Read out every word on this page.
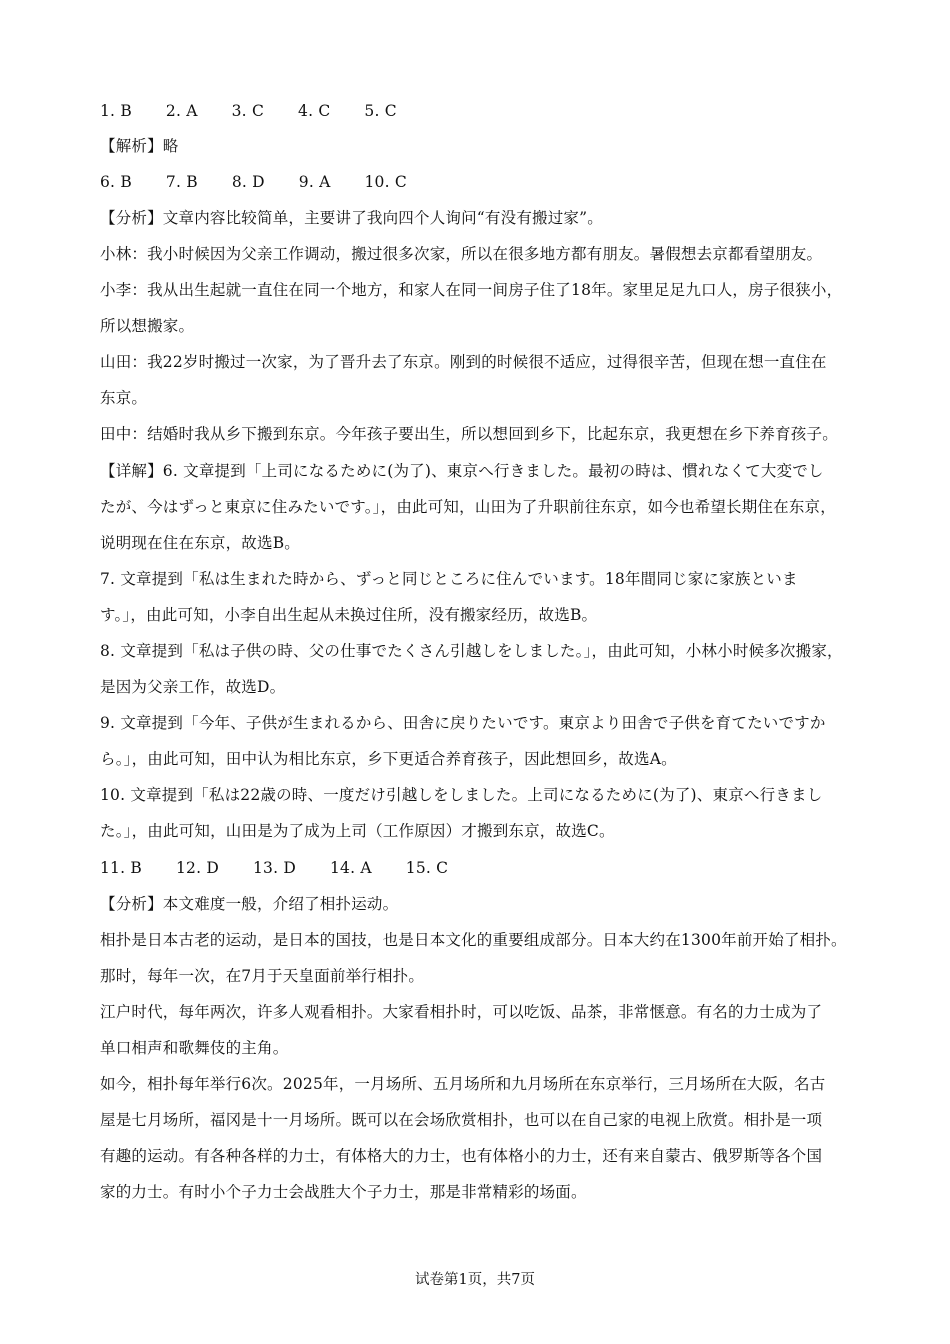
1. B 2. A 3. C 4. C 5. C
【解析】略
6. B 7. B 8. D 9. A 10. C
【分析】文章内容比较简单，主要讲了我向四个人询问“有没有搬过家”。
小林：我小时候因为父亲工作调动，搬过很多次家，所以在很多地方都有朋友。暑假想去京都看望朋友。
小李：我从出生起就一直住在同一个地方，和家人在同一间房子住了18年。家里足足九口人，房子很狭小，
所以想搬家。
山田：我22岁时搬过一次家，为了晋升去了东京。刚到的时候很不适应，过得很辛苦，但现在想一直住在
东京。
田中：结婚时我从乡下搬到东京。今年孩子要出生，所以想回到乡下，比起东京，我更想在乡下养育孩子。
【详解】6. 文章提到「上司になるために(为了)、東京へ行きました。最初の時は、慣れなくて大変でし
たが、今はずっと東京に住みたいです。」，由此可知，山田为了升职前往东京，如今也希望长期住在东京，
说明现在住在东京，故选B。
7. 文章提到「私は生まれた時から、ずっと同じところに住んでいます。18年間同じ家に家族といま
す。」，由此可知，小李自出生起从未换过住所，没有搬家经历，故选B。
8. 文章提到「私は子供の時、父の仕事でたくさん引越しをしました。」，由此可知，小林小时候多次搬家，
是因为父亲工作，故选D。
9. 文章提到「今年、子供が生まれるから、田舎に戻りたいです。東京より田舎で子供を育てたいですか
ら。」，由此可知，田中认为相比东京，乡下更适合养育孩子，因此想回乡，故选A。
10. 文章提到「私は22歳の時、一度だけ引越しをしました。上司になるために(为了)、東京へ行きまし
た。」，由此可知，山田是为了成为上司（工作原因）才搬到东京，故选C。
11. B 12. D 13. D 14. A 15. C
【分析】本文难度一般，介绍了相扑运动。
相扑是日本古老的运动，是日本的国技，也是日本文化的重要组成部分。日本大约在1300年前开始了相扑。
那时，每年一次，在7月于天皇面前举行相扑。
江户时代，每年两次，许多人观看相扑。大家看相扑时，可以吃饭、品茶，非常惬意。有名的力士成为了
单口相声和歌舞伎的主角。
如今，相扑每年举行6次。2025年，一月场所、五月场所和九月场所在东京举行，三月场所在大阪，名古
屋是七月场所，福冈是十一月场所。既可以在会场欣赏相扑，也可以在自己家的电视上欣赏。相扑是一项
有趣的运动。有各种各样的力士，有体格大的力士，也有体格小的力士，还有来自蒙古、俄罗斯等各个国
家的力士。有时小个子力士会战胜大个子力士，那是非常精彩的场面。
试卷第1页，共7页
